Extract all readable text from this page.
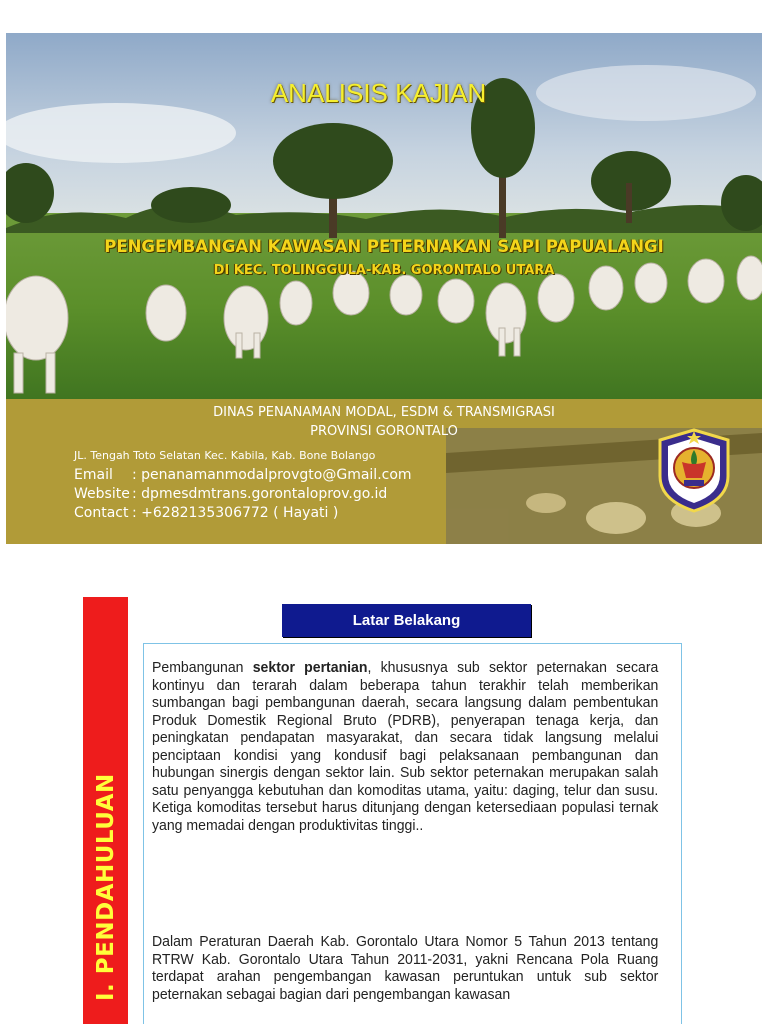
ANALISIS KAJIAN
PENGEMBANGAN KAWASAN PETERNAKAN SAPI PAPUALANGI
DI KEC. TOLINGGULA-KAB. GORONTALO UTARA
DINAS PENANAMAN MODAL, ESDM & TRANSMIGRASI
PROVINSI GORONTALO
JL. Tengah Toto Selatan Kec. Kabila, Kab. Bone Bolango
Email : penanamanmodalprovgto@Gmail.com
Website : dpmesdmtrans.gorontaloprov.go.id
Contact : +6282135306772 ( Hayati )
I. PENDAHULUAN
Latar Belakang
Pembangunan sektor pertanian, khususnya sub sektor peternakan secara kontinyu dan terarah dalam beberapa tahun terakhir telah memberikan sumbangan bagi pembangunan daerah, secara langsung dalam pembentukan Produk Domestik Regional Bruto (PDRB), penyerapan tenaga kerja, dan peningkatan pendapatan masyarakat, dan secara tidak langsung melalui penciptaan kondisi yang kondusif bagi pelaksanaan pembangunan dan hubungan sinergis dengan sektor lain. Sub sektor peternakan merupakan salah satu penyangga kebutuhan dan komoditas utama, yaitu: daging, telur dan susu. Ketiga komoditas tersebut harus ditunjang dengan ketersediaan populasi ternak yang memadai dengan produktivitas tinggi..
Dalam Peraturan Daerah Kab. Gorontalo Utara Nomor 5 Tahun 2013 tentang RTRW Kab. Gorontalo Utara Tahun 2011-2031, yakni Rencana Pola Ruang terdapat arahan pengembangan kawasan peruntukan untuk sub sektor peternakan sebagai bagian dari pengembangan kawasan
